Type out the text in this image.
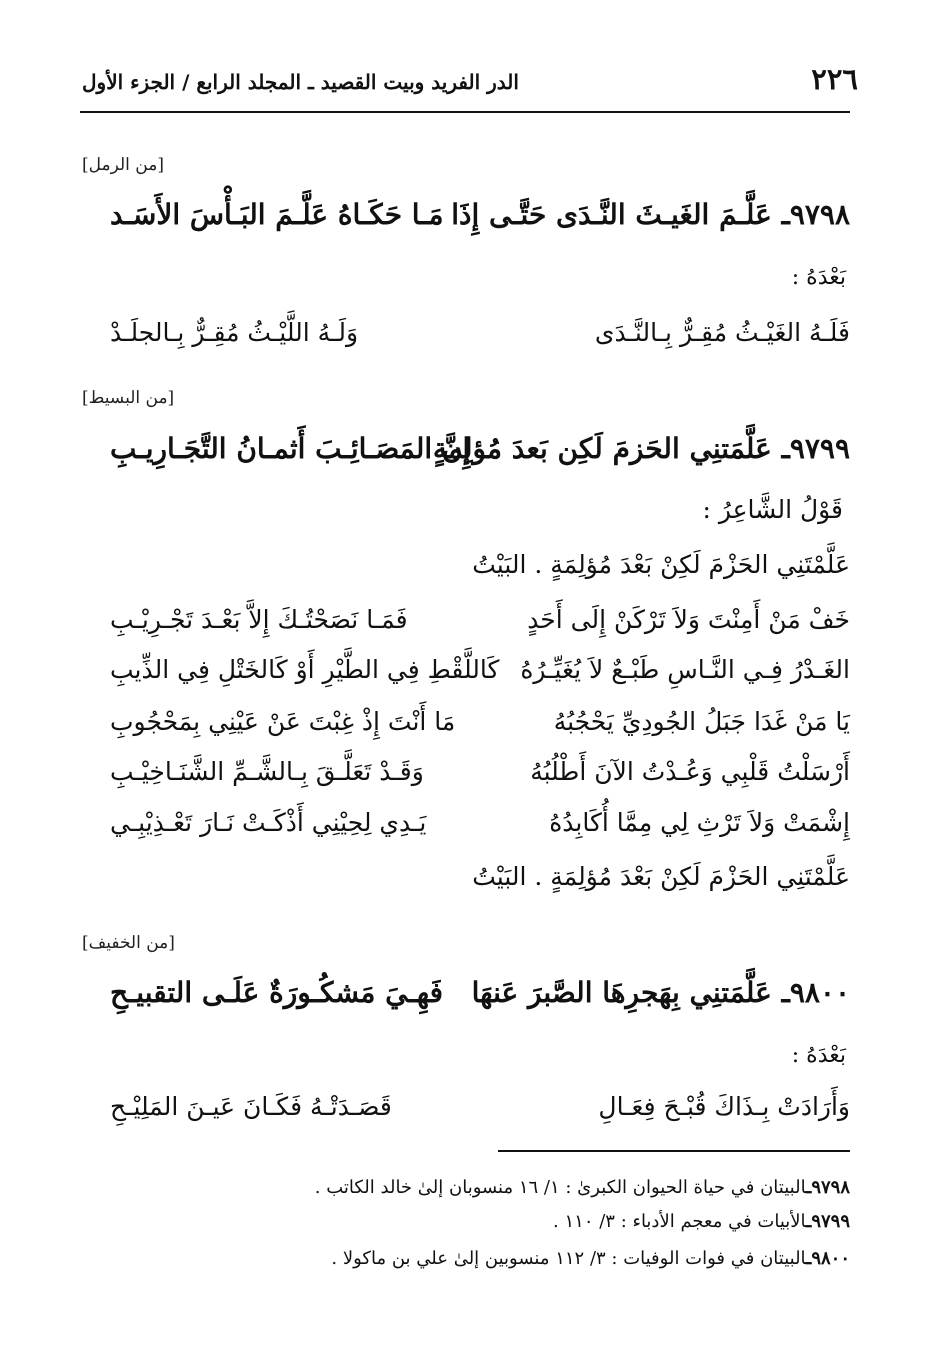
٢٢٦
الدر الفريد وبيت القصيد ـ المجلد الرابع / الجزء الأول
[من الرمل]
٩٧٩٨ـ عَلَّـمَ الغَيـثَ النَّـدَى حَتَّـى إِذَا
مَـا حَكَـاهُ عَلَّـمَ البَـأْسَ الأَسَـد
بَعْدَهُ :
فَلَـهُ الغَيْـثُ مُقِـرٌّ بِـالنَّـدَى
وَلَـهُ اللَّيْـثُ مُقِـرٌّ بِـالجلَـدْ
[من البسيط]
٩٧٩٩ـ عَلَّمَتنِي الحَزمَ لَكِن بَعدَ مُؤلِمةٍ
إِنَّ المَصَـائِـبَ أَثمـانُ التَّجَـارِيـبِ
قَوْلُ الشَّاعِرُ :
عَلَّمْتَنِي الحَزْمَ لَكِنْ بَعْدَ مُؤلِمَةٍ . البَيْتُ
خَفْ مَنْ أَمِنْتَ وَلاَ تَرْكَنْ إِلَى أَحَدٍ
فَمَـا نَصَحْتُـكَ إِلاَّ بَعْـدَ تَجْـرِيْـبِ
الغَـدْرُ فِـي النَّـاسِ طَبْـعٌ لاَ يُغَيِّـرُهُ
كَاللَّقْطِ فِي الطَّيْرِ أَوْ كَالخَتْلِ فِي الذِّيبِ
يَا مَنْ غَدَا جَبَلُ الجُودِيِّ يَحْجُبُهُ
مَا أَنْتَ إِذْ غِبْتَ عَنْ عَيْنِي بِمَحْجُوبِ
أَرْسَلْتُ قَلْبِي وَعُـدْتُ الآنَ أَطْلُبُهُ
وَقَـدْ تَعَلَّـقَ بِـالشَّـمِّ الشَّنَـاخِيْـبِ
إِشْمَتْ وَلاَ تَرْثِ لِي مِمَّا أُكَابِدُهُ
يَـدِي لِحِيْنِي أَذْكَـتْ نَـارَ تَعْـذِيْبِـي
عَلَّمْتَنِي الحَزْمَ لَكِنْ بَعْدَ مُؤلِمَةٍ . البَيْتُ
[من الخفيف]
٩٨٠٠ـ عَلَّمَتنِي بِهَجرِهَا الصَّبرَ عَنهَا
فَهِـيَ مَشكُـورَةٌ عَلَـى التقبيـحِ
بَعْدَهُ :
وَأَرَادَتْ بِـذَاكَ قُبْـحَ فِعَـالِ
قَصَـدَتْـهُ فَكَـانَ عَيـنَ المَلِيْـحِ
٩٧٩٨ـالبيتان في حياة الحيوان الكبرىٰ : ١/ ١٦ منسوبان إلىٰ خالد الكاتب .
٩٧٩٩ـالأبيات في معجم الأدباء : ٣/ ١١٠ .
٩٨٠٠ـالبيتان في فوات الوفيات : ٣/ ١١٢ منسوبين إلىٰ علي بن ماكولا .
